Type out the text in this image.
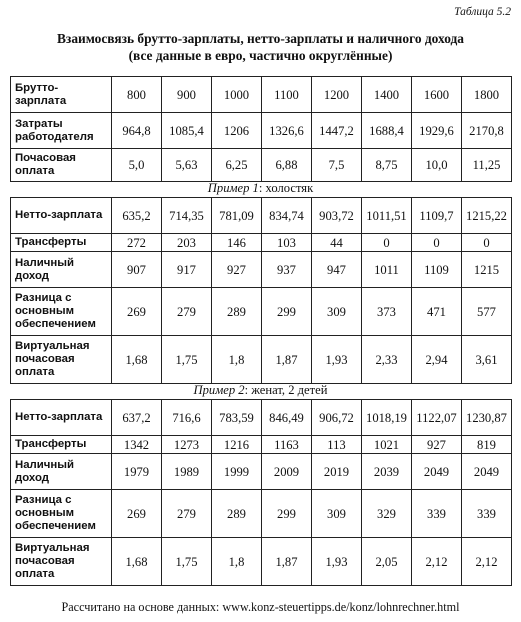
Таблица 5.2
Взаимосвязь брутто-зарплаты, нетто-зарплаты и наличного дохода
(все данные в евро, частично округлённые)
Брутто-зарплата	800	900	1000	1100	1200	1400	1600	1800
Затраты работодателя	964,8	1085,4	1206	1326,6	1447,2	1688,4	1929,6	2170,8
Почасовая оплата	5,0	5,63	6,25	6,88	7,5	8,75	10,0	11,25
Пример 1: холостяк
Нетто-зарплата	635,2	714,35	781,09	834,74	903,72	1011,51	1109,7	1215,22
Трансферты	272	203	146	103	44	0	0	0
Наличный доход	907	917	927	937	947	1011	1109	1215
Разница с основным обеспечением	269	279	289	299	309	373	471	577
Виртуальная почасовая оплата	1,68	1,75	1,8	1,87	1,93	2,33	2,94	3,61
Пример 2: женат, 2 детей
Нетто-зарплата	637,2	716,6	783,59	846,49	906,72	1018,19	1122,07	1230,87
Трансферты	1342	1273	1216	1163	113	1021	927	819
Наличный доход	1979	1989	1999	2009	2019	2039	2049	2049
Разница с основным обеспечением	269	279	289	299	309	329	339	339
Виртуальная почасовая оплата	1,68	1,75	1,8	1,87	1,93	2,05	2,12	2,12
Рассчитано на основе данных: www.konz-steuertipps.de/konz/lohnrechner.html
